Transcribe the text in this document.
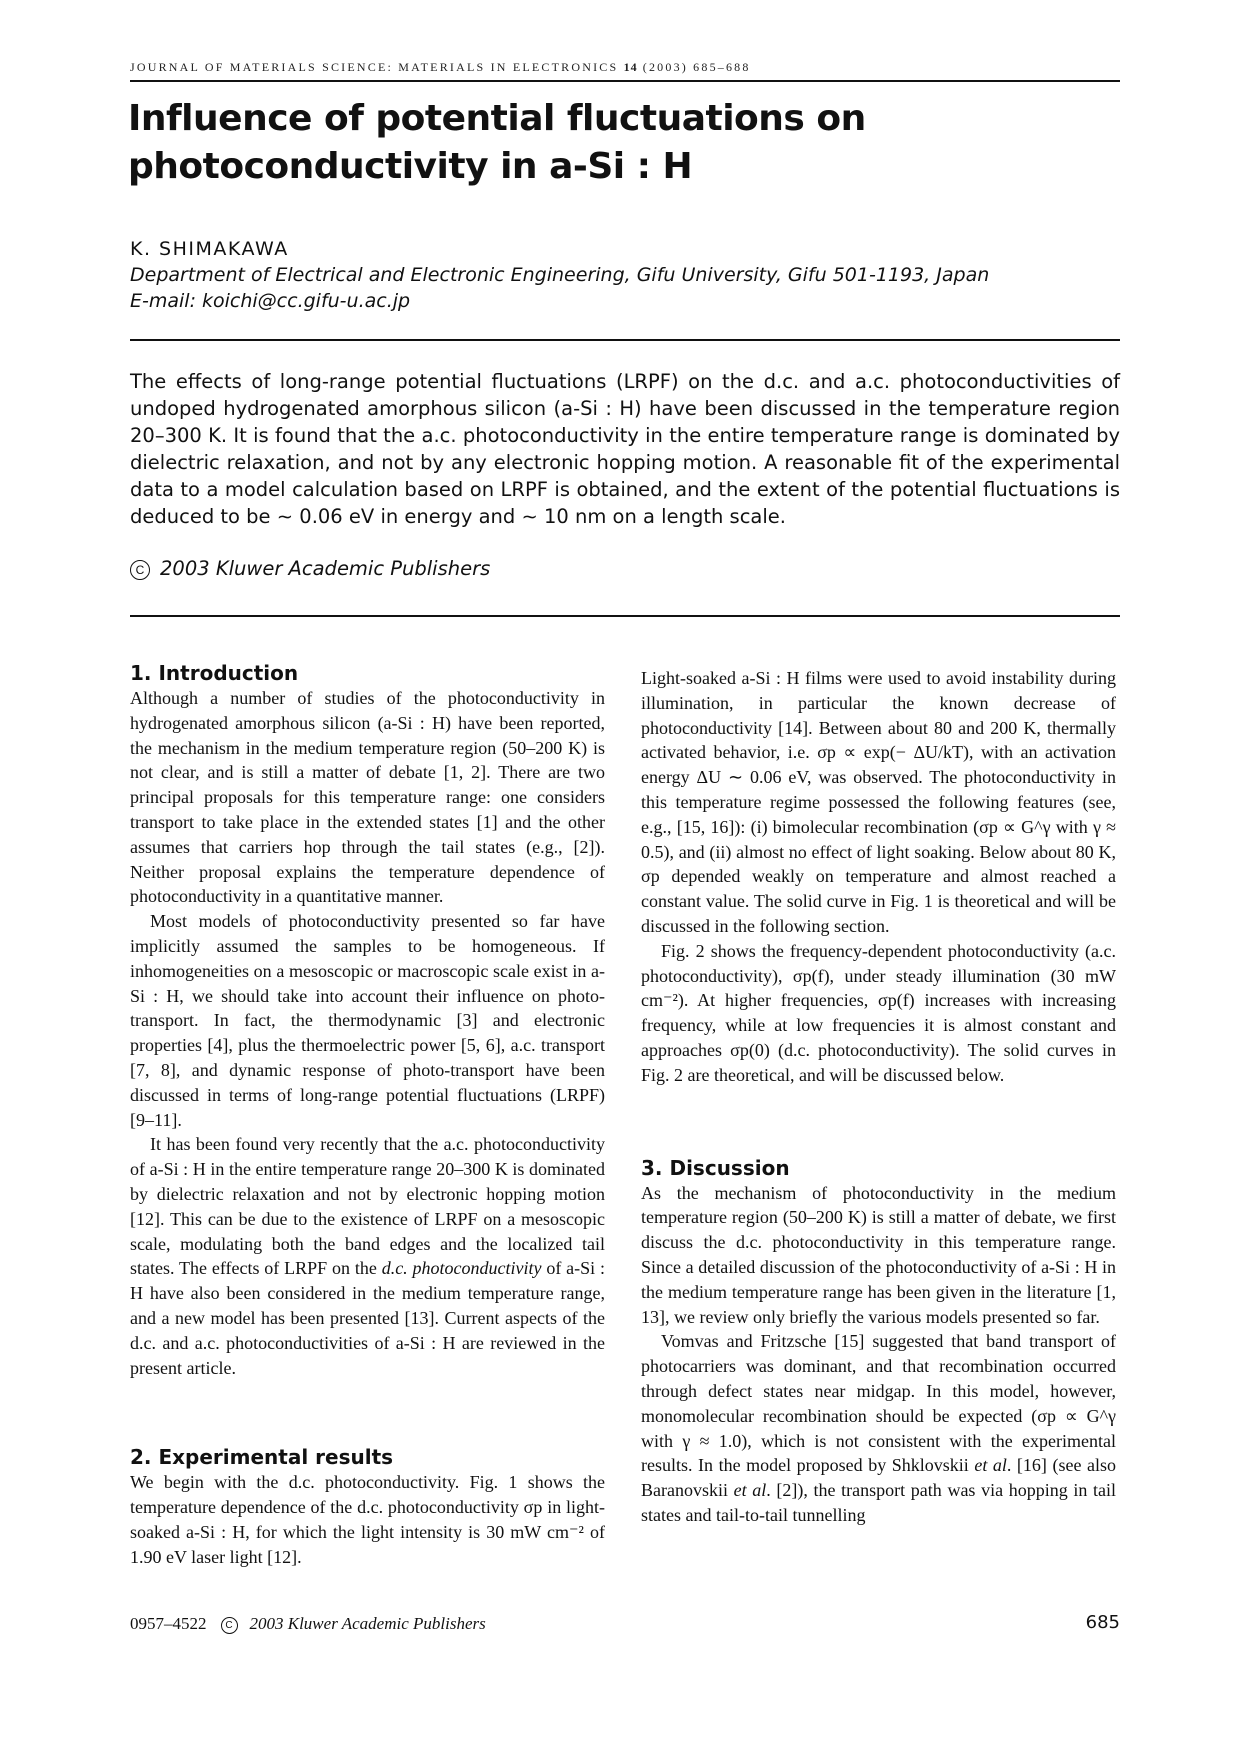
JOURNAL OF MATERIALS SCIENCE: MATERIALS IN ELECTRONICS 14 (2003) 685–688
Influence of potential fluctuations on
photoconductivity in a-Si : H
K. SHIMAKAWA
Department of Electrical and Electronic Engineering, Gifu University, Gifu 501-1193, Japan
E-mail: koichi@cc.gifu-u.ac.jp
The effects of long-range potential fluctuations (LRPF) on the d.c. and a.c. photoconductivities of undoped hydrogenated amorphous silicon (a-Si : H) have been discussed in the temperature region 20–300 K. It is found that the a.c. photoconductivity in the entire temperature range is dominated by dielectric relaxation, and not by any electronic hopping motion. A reasonable fit of the experimental data to a model calculation based on LRPF is obtained, and the extent of the potential fluctuations is deduced to be ∼ 0.06 eV in energy and ∼ 10 nm on a length scale.
C 2003 Kluwer Academic Publishers
1. Introduction

Although a number of studies of the photoconductivity in hydrogenated amorphous silicon (a-Si : H) have been reported, the mechanism in the medium temperature region (50–200 K) is not clear, and is still a matter of debate [1, 2]. There are two principal proposals for this temperature range: one considers transport to take place in the extended states [1] and the other assumes that carriers hop through the tail states (e.g., [2]). Neither proposal explains the temperature dependence of photoconductivity in a quantitative manner.

Most models of photoconductivity presented so far have implicitly assumed the samples to be homogeneous. If inhomogeneities on a mesoscopic or macroscopic scale exist in a-Si : H, we should take into account their influence on photo-transport. In fact, the thermodynamic [3] and electronic properties [4], plus the thermoelectric power [5, 6], a.c. transport [7, 8], and dynamic response of photo-transport have been discussed in terms of long-range potential fluctuations (LRPF) [9–11].

It has been found very recently that the a.c. photoconductivity of a-Si : H in the entire temperature range 20–300 K is dominated by dielectric relaxation and not by electronic hopping motion [12]. This can be due to the existence of LRPF on a mesoscopic scale, modulating both the band edges and the localized tail states. The effects of LRPF on the d.c. photoconductivity of a-Si : H have also been considered in the medium temperature range, and a new model has been presented [13]. Current aspects of the d.c. and a.c. photoconductivities of a-Si : H are reviewed in the present article.

2. Experimental results

We begin with the d.c. photoconductivity. Fig. 1 shows the temperature dependence of the d.c. photoconductivity σp in light-soaked a-Si : H, for which the light intensity is 30 mW cm⁻² of 1.90 eV laser light [12].

Light-soaked a-Si : H films were used to avoid instability during illumination, in particular the known decrease of photoconductivity [14]. Between about 80 and 200 K, thermally activated behavior, i.e. σp ∝ exp(− ΔU/kT), with an activation energy ΔU ∼ 0.06 eV, was observed. The photoconductivity in this temperature regime possessed the following features (see, e.g., [15, 16]): (i) bimolecular recombination (σp ∝ G^γ with γ ≈ 0.5), and (ii) almost no effect of light soaking. Below about 80 K, σp depended weakly on temperature and almost reached a constant value. The solid curve in Fig. 1 is theoretical and will be discussed in the following section.

Fig. 2 shows the frequency-dependent photoconductivity (a.c. photoconductivity), σp(f), under steady illumination (30 mW cm⁻²). At higher frequencies, σp(f) increases with increasing frequency, while at low frequencies it is almost constant and approaches σp(0) (d.c. photoconductivity). The solid curves in Fig. 2 are theoretical, and will be discussed below.

3. Discussion

As the mechanism of photoconductivity in the medium temperature region (50–200 K) is still a matter of debate, we first discuss the d.c. photoconductivity in this temperature range. Since a detailed discussion of the photoconductivity of a-Si : H in the medium temperature range has been given in the literature [1, 13], we review only briefly the various models presented so far.

Vomvas and Fritzsche [15] suggested that band transport of photocarriers was dominant, and that recombination occurred through defect states near midgap. In this model, however, monomolecular recombination should be expected (σp ∝ G^γ with γ ≈ 1.0), which is not consistent with the experimental results. In the model proposed by Shklovskii et al. [16] (see also Baranovskii et al. [2]), the transport path was via hopping in tail states and tail-to-tail tunnelling

0957–4522 C 2003 Kluwer Academic Publishers	685
